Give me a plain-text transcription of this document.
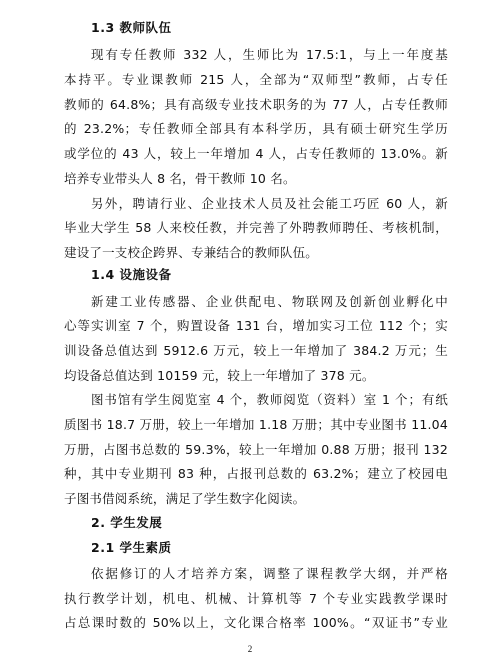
1.3 教师队伍
现有专任教师 332 人，生师比为 17.5:1，与上一年度基
本持平。专业课教师 215 人，全部为“双师型”教师，占专任
教师的 64.8%；具有高级专业技术职务的为 77 人，占专任教师
的 23.2%；专任教师全部具有本科学历，具有硕士研究生学历
或学位的 43 人，较上一年增加 4 人，占专任教师的 13.0%。新
培养专业带头人 8 名，骨干教师 10 名。
另外，聘请行业、企业技术人员及社会能工巧匠 60 人，新
毕业大学生 58 人来校任教，并完善了外聘教师聘任、考核机制，
建设了一支校企跨界、专兼结合的教师队伍。
1.4 设施设备
新建工业传感器、企业供配电、物联网及创新创业孵化中
心等实训室 7 个，购置设备 131 台，增加实习工位 112 个；实
训设备总值达到 5912.6 万元，较上一年增加了 384.2 万元；生
均设备总值达到 10159 元，较上一年增加了 378 元。
图书馆有学生阅览室 4 个，教师阅览（资料）室 1 个；有纸
质图书 18.7 万册，较上一年增加 1.18 万册；其中专业图书 11.04
万册，占图书总数的 59.3%，较上一年增加 0.88 万册；报刊 132
种，其中专业期刊 83 种，占报刊总数的 63.2%；建立了校园电
子图书借阅系统，满足了学生数字化阅读。
2. 学生发展
2.1 学生素质
依据修订的人才培养方案，调整了课程教学大纲，并严格
执行教学计划，机电、机械、计算机等 7 个专业实践教学课时
占总课时数的 50%以上，文化课合格率 100%。“双证书”专业
2
